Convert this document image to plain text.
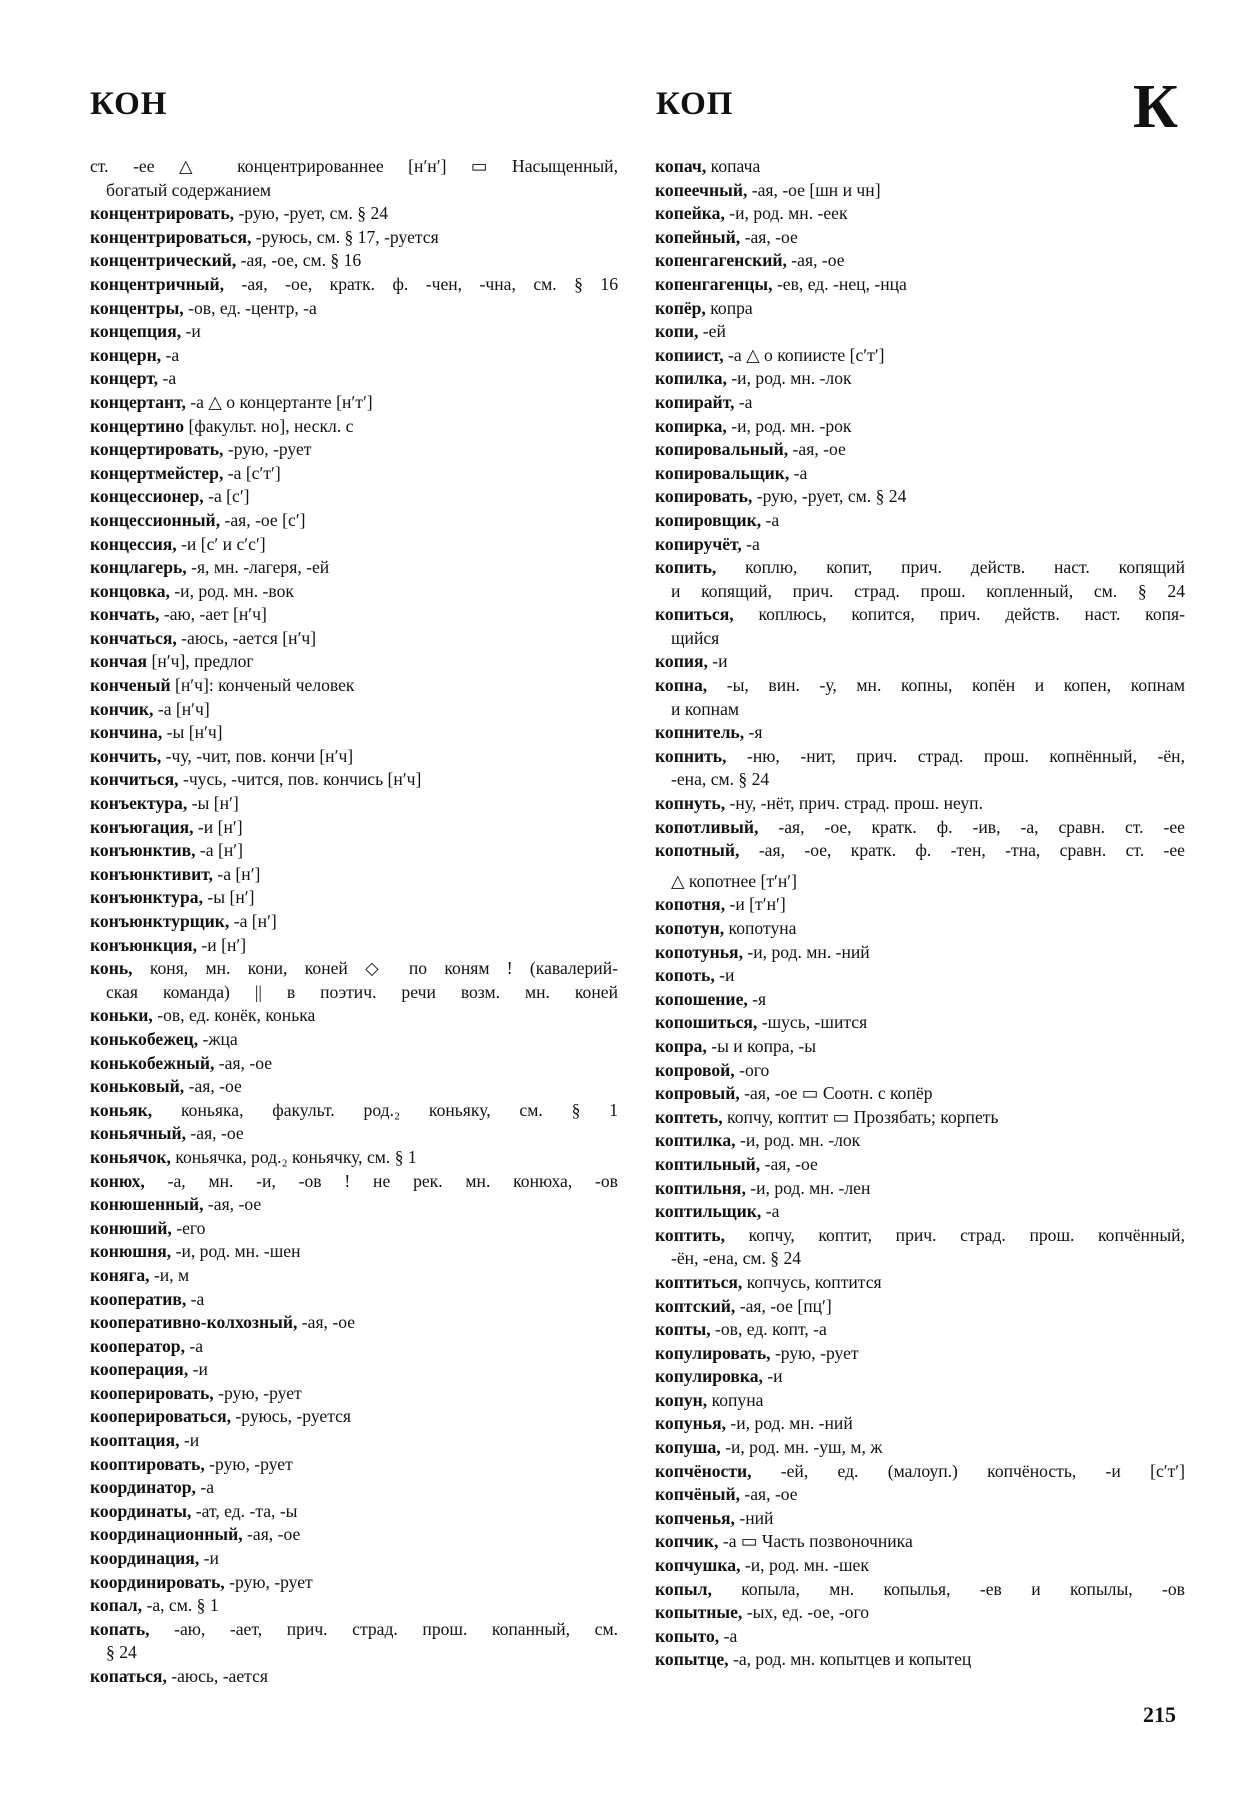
КОН	КОП	К
ст. -ее △ концентрированнее [нʹнʹ] ▭ Насыщенный,
богатый содержанием
концентрировать, -рую, -рует, см. § 24
концентрироваться, -руюсь, см. § 17, -руется
концентрический, -ая, -ое, см. § 16
концентричный, -ая, -ое, кратк. ф. -чен, -чна, см. § 16
концентры, -ов, ед. -центр, -а
концепция, -и
концерн, -а
концерт, -а
концертант, -а △ о концертанте [нʹтʹ]
концертино [факульт. но], нескл. с
концертировать, -рую, -рует
концертмейстер, -а [сʹтʹ]
концессионер, -а [сʹ]
концессионный, -ая, -ое [сʹ]
концессия, -и [сʹ и сʹсʹ]
концлагерь, -я, мн. -лагеря, -ей
концовка, -и, род. мн. -вок
кончать, -аю, -ает [нʹч]
кончаться, -аюсь, -ается [нʹч]
кончая [нʹч], предлог
конченый [нʹч]: конченый человек
кончик, -а [нʹч]
кончина, -ы [нʹч]
кончить, -чу, -чит, пов. кончи [нʹч]
кончиться, -чусь, -чится, пов. кончись [нʹч]
конъектура, -ы [нʹ]
конъюгация, -и [нʹ]
конъюнктив, -а [нʹ]
конъюнктивит, -а [нʹ]
конъюнктура, -ы [нʹ]
конъюнктурщик, -а [нʹ]
конъюнкция, -и [нʹ]
конь, коня, мн. кони, коней ◇ по коням ! (кавалерий-
ская команда) || в поэтич. речи возм. мн. коней
коньки, -ов, ед. конёк, конька
конькобежец, -жца
конькобежный, -ая, -ое
коньковый, -ая, -ое
коньяк, коньяка, факульт. род.₂ коньяку, см. § 1
коньячный, -ая, -ое
коньячок, коньячка, род.₂ коньячку, см. § 1
конюх, -а, мн. -и, -ов ! не рек. мн. конюха, -ов
конюшенный, -ая, -ое
конюший, -его
конюшня, -и, род. мн. -шен
коняга, -и, м
кооператив, -а
кооперативно-колхозный, -ая, -ое
кооператор, -а
кооперация, -и
кооперировать, -рую, -рует
кооперироваться, -руюсь, -руется
кооптация, -и
кооптировать, -рую, -рует
координатор, -а
координаты, -ат, ед. -та, -ы
координационный, -ая, -ое
координация, -и
координировать, -рую, -рует
копал, -а, см. § 1
копать, -аю, -ает, прич. страд. прош. копанный, см.
§ 24
копаться, -аюсь, -ается
копач, копача
копеечный, -ая, -ое [шн и чн]
копейка, -и, род. мн. -еек
копейный, -ая, -ое
копенгагенский, -ая, -ое
копенгагенцы, -ев, ед. -нец, -нца
копёр, копра
копи, -ей
копиист, -а △ о копиисте [сʹтʹ]
копилка, -и, род. мн. -лок
копирайт, -а
копирка, -и, род. мн. -рок
копировальный, -ая, -ое
копировальщик, -а
копировать, -рую, -рует, см. § 24
копировщик, -а
копиручёт, -а
копить, коплю, копит, прич. действ. наст. копящий
и копящий, прич. страд. прош. копленный, см. § 24
копиться, коплюсь, копится, прич. действ. наст. копя-
щийся
копия, -и
копна, -ы, вин. -у, мн. копны, копён и копен, копнам
и копнам
копнитель, -я
копнить, -ню, -нит, прич. страд. прош. копнённый, -ён,
-ена, см. § 24
копнуть, -ну, -нёт, прич. страд. прош. неуп.
копотливый, -ая, -ое, кратк. ф. -ив, -а, сравн. ст. -ее
копотный, -ая, -ое, кратк. ф. -тен, -тна, сравн. ст. -ее
△ копотнее [тʹнʹ]
копотня, -и [тʹнʹ]
копотун, копотуна
копотунья, -и, род. мн. -ний
копоть, -и
копошение, -я
копошиться, -шусь, -шится
копра, -ы и копра, -ы
копровой, -ого
копровый, -ая, -ое ▭ Соотн. с копёр
коптеть, копчу, коптит ▭ Прозябать; корпеть
коптилка, -и, род. мн. -лок
коптильный, -ая, -ое
коптильня, -и, род. мн. -лен
коптильщик, -а
коптить, копчу, коптит, прич. страд. прош. копчённый,
-ён, -ена, см. § 24
коптиться, копчусь, коптится
коптский, -ая, -ое [пцʹ]
копты, -ов, ед. копт, -а
копулировать, -рую, -рует
копулировка, -и
копун, копуна
копунья, -и, род. мн. -ний
копуша, -и, род. мн. -уш, м, ж
копчёности, -ей, ед. (малоуп.) копчёность, -и [сʹтʹ]
копчёный, -ая, -ое
копченья, -ний
копчик, -а ▭ Часть позвоночника
копчушка, -и, род. мн. -шек
копыл, копыла, мн. копылья, -ев и копылы, -ов
копытные, -ых, ед. -ое, -ого
копыто, -а
копытце, -а, род. мн. копытцев и копытец
215
